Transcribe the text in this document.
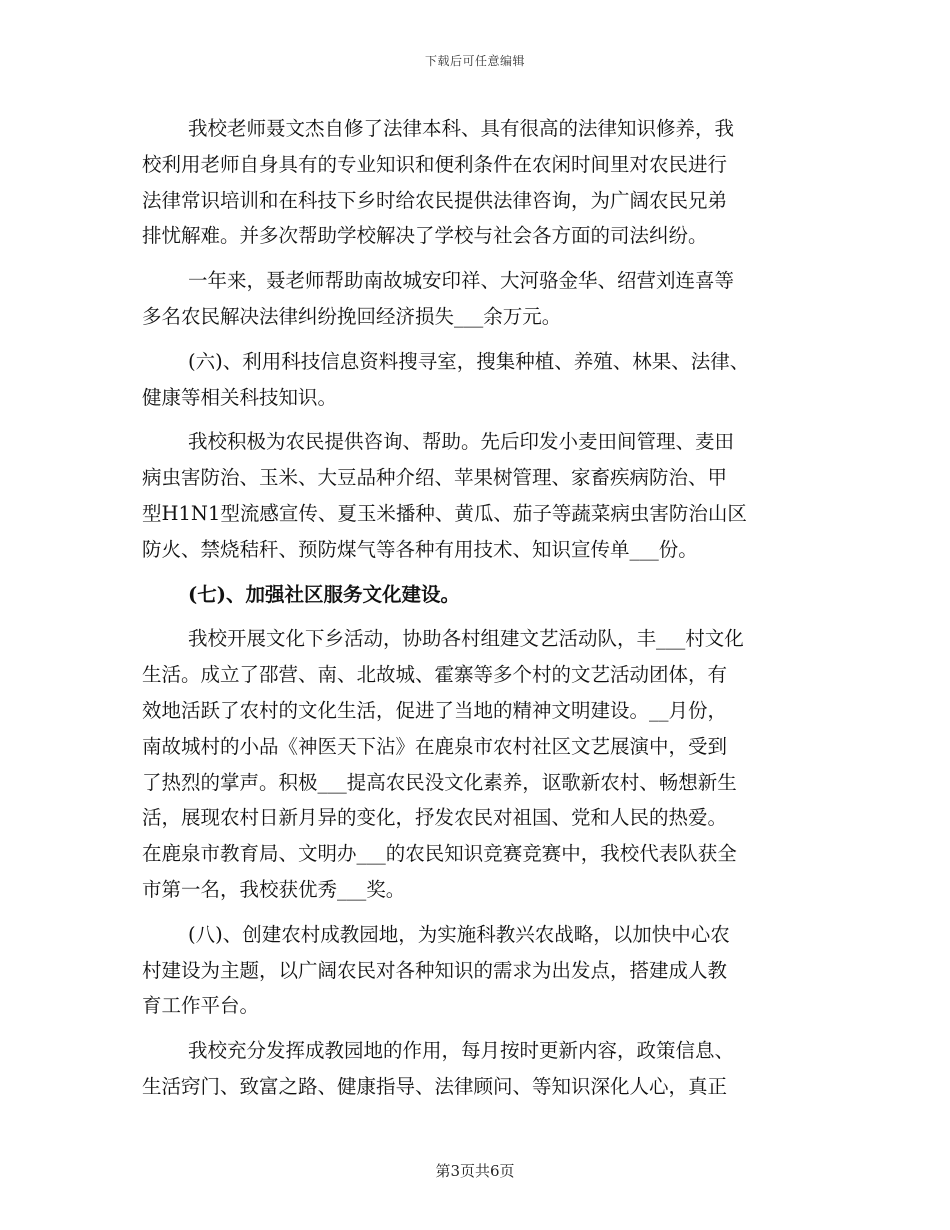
下载后可任意编辑

我校老师聂文杰自修了法律本科、具有很高的法律知识修养，我
校利用老师自身具有的专业知识和便利条件在农闲时间里对农民进行
法律常识培训和在科技下乡时给农民提供法律咨询，为广阔农民兄弟
排忧解难。并多次帮助学校解决了学校与社会各方面的司法纠纷。

一年来，聂老师帮助南故城安印祥、大河骆金华、绍营刘连喜等
多名农民解决法律纠纷挽回经济损失___余万元。

(六)、利用科技信息资料搜寻室，搜集种植、养殖、林果、法律、
健康等相关科技知识。

我校积极为农民提供咨询、帮助。先后印发小麦田间管理、麦田
病虫害防治、玉米、大豆品种介绍、苹果树管理、家畜疾病防治、甲
型H1N1型流感宣传、夏玉米播种、黄瓜、茄子等蔬菜病虫害防治山区
防火、禁烧秸秆、预防煤气等各种有用技术、知识宣传单___份。

(七)、加强社区服务文化建设。

我校开展文化下乡活动，协助各村组建文艺活动队，丰___村文化
生活。成立了邵营、南、北故城、霍寨等多个村的文艺活动团体，有
效地活跃了农村的文化生活，促进了当地的精神文明建设。__月份，
南故城村的小品《神医天下沾》在鹿泉市农村社区文艺展演中，受到
了热烈的掌声。积极___提高农民没文化素养，讴歌新农村、畅想新生
活，展现农村日新月异的变化，抒发农民对祖国、党和人民的热爱。
在鹿泉市教育局、文明办___的农民知识竞赛竞赛中，我校代表队获全
市第一名，我校获优秀___奖。

(八)、创建农村成教园地，为实施科教兴农战略，以加快中心农
村建设为主题，以广阔农民对各种知识的需求为出发点，搭建成人教
育工作平台。

我校充分发挥成教园地的作用，每月按时更新内容，政策信息、
生活窍门、致富之路、健康指导、法律顾问、等知识深化人心，真正

第3页共6页
